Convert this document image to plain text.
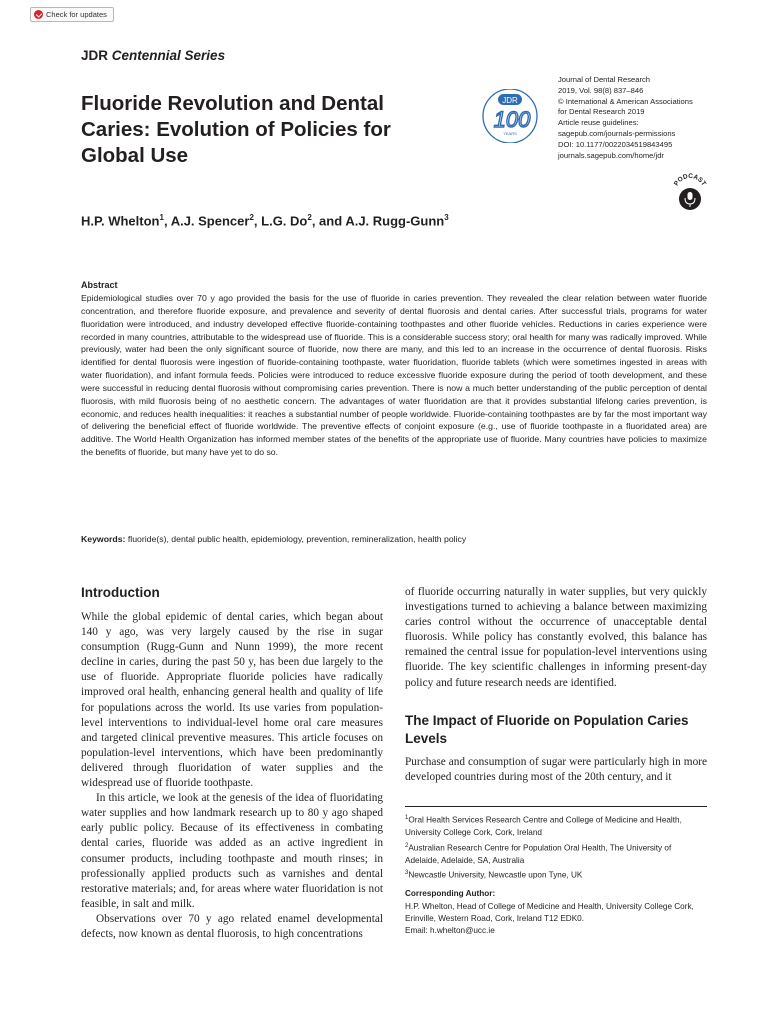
Check for updates
JDR Centennial Series
Fluoride Revolution and Dental
Caries: Evolution of Policies for
Global Use
JDR
100
YEARS
Journal of Dental Research
2019, Vol. 98(8) 837–846
© International & American Associations
for Dental Research 2019
Article reuse guidelines:
sagepub.com/journals-permissions
DOI: 10.1177/0022034519843495
journals.sagepub.com/home/jdr
PODCAST
H.P. Whelton$^1$, A.J. Spencer$^2$, L.G. Do$^2$, and A.J. Rugg-Gunn$^3$
Abstract

Epidemiological studies over 70 y ago provided the basis for the use of fluoride in caries prevention. They revealed the clear relation between water fluoride concentration, and therefore fluoride exposure, and prevalence and severity of dental fluorosis and dental caries. After successful trials, programs for water fluoridation were introduced, and industry developed effective fluoride-containing toothpastes and other fluoride vehicles. Reductions in caries experience were recorded in many countries, attributable to the widespread use of fluoride. This is a considerable success story; oral health for many was radically improved. While previously, water had been the only significant source of fluoride, now there are many, and this led to an increase in the occurrence of dental fluorosis. Risks identified for dental fluorosis were ingestion of fluoride-containing toothpaste, water fluoridation, fluoride tablets (which were sometimes ingested in areas with water fluoridation), and infant formula feeds. Policies were introduced to reduce excessive fluoride exposure during the period of tooth development, and these were successful in reducing dental fluorosis without compromising caries prevention. There is now a much better understanding of the public perception of dental fluorosis, with mild fluorosis being of no aesthetic concern. The advantages of water fluoridation are that it provides substantial lifelong caries prevention, is economic, and reduces health inequalities: it reaches a substantial number of people worldwide. Fluoride-containing toothpastes are by far the most important way of delivering the beneficial effect of fluoride worldwide. The preventive effects of conjoint exposure (e.g., use of fluoride toothpaste in a fluoridated area) are additive. The World Health Organization has informed member states of the benefits of the appropriate use of fluoride. Many countries have policies to maximize the benefits of fluoride, but many have yet to do so.

Keywords: fluoride(s), dental public health, epidemiology, prevention, remineralization, health policy
Introduction

While the global epidemic of dental caries, which began about 140 y ago, was very largely caused by the rise in sugar consumption (Rugg-Gunn and Nunn 1999), the more recent decline in caries, during the past 50 y, has been due largely to the use of fluoride. Appropriate fluoride policies have radically improved oral health, enhancing general health and quality of life for populations across the world. Its use varies from population-level interventions to individual-level home oral care measures and targeted clinical preventive measures. This article focuses on population-level interventions, which have been predominantly delivered through fluoridation of water supplies and the widespread use of fluoride toothpaste.

In this article, we look at the genesis of the idea of fluoridating water supplies and how landmark research up to 80 y ago shaped early public policy. Because of its effectiveness in combating dental caries, fluoride was added as an active ingredient in consumer products, including toothpaste and mouth rinses; in professionally applied products such as varnishes and dental restorative materials; and, for areas where water fluoridation is not feasible, in salt and milk.

Observations over 70 y ago related enamel developmental defects, now known as dental fluorosis, to high concentrations

of fluoride occurring naturally in water supplies, but very quickly investigations turned to achieving a balance between maximizing caries control without the occurrence of unacceptable dental fluorosis. While policy has constantly evolved, this balance has remained the central issue for population-level interventions using fluoride. The key scientific challenges in informing present-day policy and future research needs are identified.

The Impact of Fluoride on Population Caries Levels

Purchase and consumption of sugar were particularly high in more developed countries during most of the 20th century, and it

$^1$Oral Health Services Research Centre and College of Medicine and Health, University College Cork, Cork, Ireland
$^2$Australian Research Centre for Population Oral Health, The University of Adelaide, Adelaide, SA, Australia
$^3$Newcastle University, Newcastle upon Tyne, UK
Corresponding Author:
H.P. Whelton, Head of College of Medicine and Health, University College Cork, Erinville, Western Road, Cork, Ireland T12 EDK0.
Email: h.whelton@ucc.ie
